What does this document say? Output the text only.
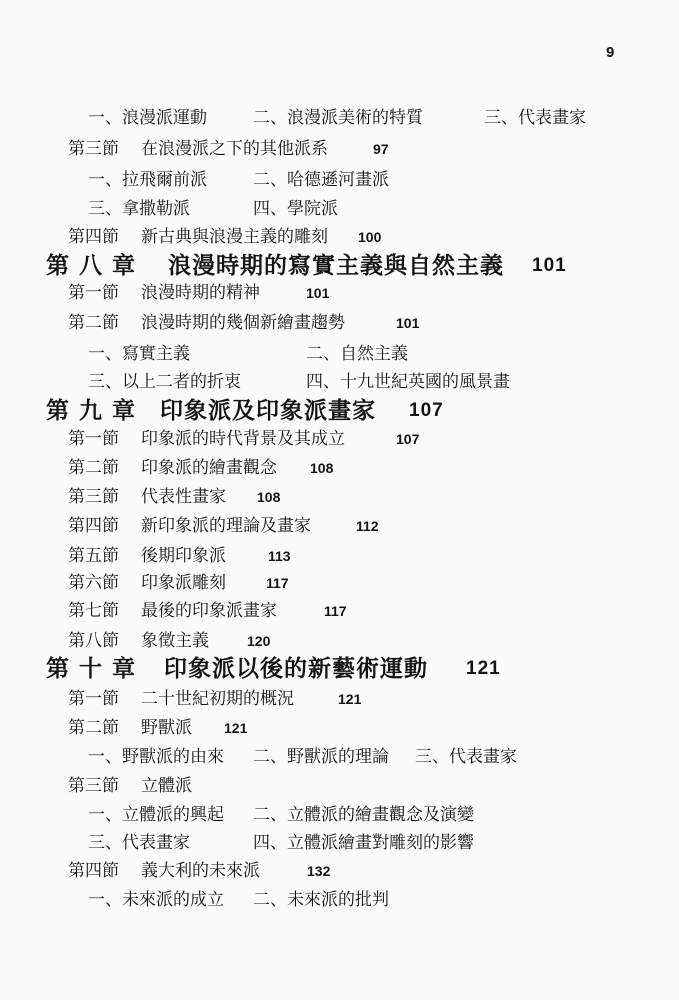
9
一、浪漫派運動	二、浪漫派美術的特質	三、代表畫家
第三節 在浪漫派之下的其他派系	97
一、拉飛爾前派	二、哈德遜河畫派
三、拿撒勒派	四、學院派
第四節 新古典與浪漫主義的雕刻 100
第 八 章 浪漫時期的寫實主義與自然主義 101
第一節 浪漫時期的精神	101
第二節 浪漫時期的幾個新繪畫趨勢	101
一、寫實主義	二、自然主義
三、以上二者的折衷	四、十九世紀英國的風景畫
第 九 章 印象派及印象派畫家 107
第一節 印象派的時代背景及其成立	107
第二節 印象派的繪畫觀念 108
第三節 代表性畫家 108
第四節 新印象派的理論及畫家	112
第五節 後期印象派	113
第六節 印象派雕刻	117
第七節 最後的印象派畫家	117
第八節 象徵主義	120
第 十 章 印象派以後的新藝術運動 121
第一節 二十世紀初期的概況	121
第二節 野獸派 121
一、野獸派的由來 二、野獸派的理論 三、代表畫家
第三節 立體派
一、立體派的興起 二、立體派的繪畫觀念及演變
三、代表畫家	四、立體派繪畫對雕刻的影響
第四節 義大利的未來派	132
一、未來派的成立 二、未來派的批判
